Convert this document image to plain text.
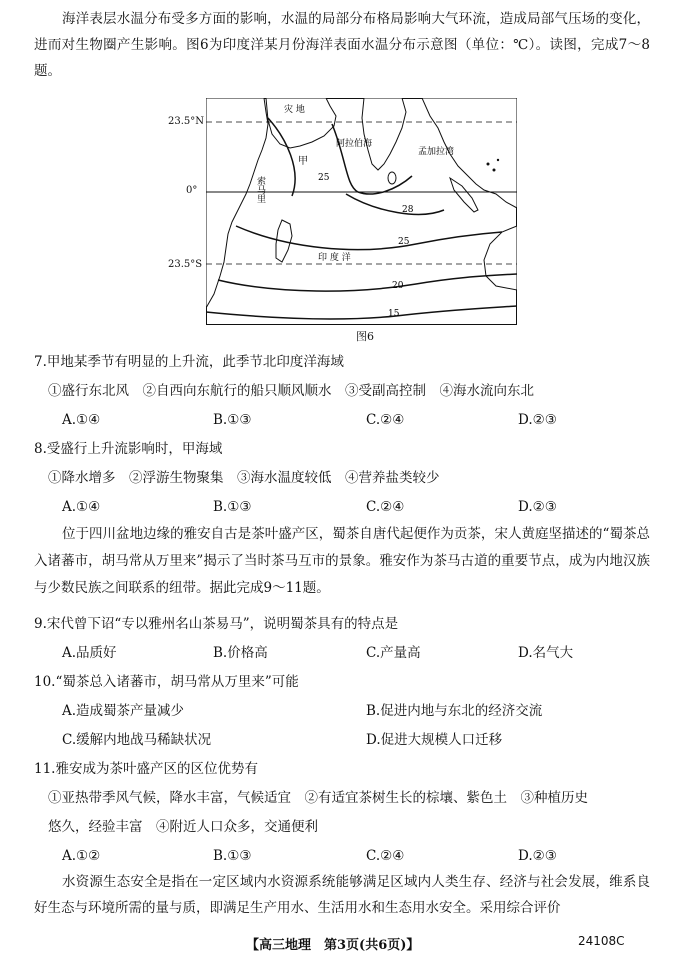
海洋表层水温分布受多方面的影响，水温的局部分布格局影响大气环流，造成局部气压场的变化，进而对生物圈产生影响。图6为印度洋某月份海洋表面水温分布示意图（单位：℃）。读图，完成7～8题。
23.5°N
0°
23.5°S
灾 地
阿拉伯海
孟加拉湾
甲
索马里	25
28
25
印 度 洋
20
15
图6
7.甲地某季节有明显的上升流，此季节北印度洋海域
①盛行东北风　②自西向东航行的船只顺风顺水　③受副高控制　④海水流向东北
A.①④	B.①③	C.②④	D.②③
8.受盛行上升流影响时，甲海域
①降水增多　②浮游生物聚集　③海水温度较低　④营养盐类较少
A.①④	B.①③	C.②④	D.②③
位于四川盆地边缘的雅安自古是茶叶盛产区，蜀茶自唐代起便作为贡茶，宋人黄庭坚描述的“蜀茶总入诸蕃市，胡马常从万里来”揭示了当时茶马互市的景象。雅安作为茶马古道的重要节点，成为内地汉族与少数民族之间联系的纽带。据此完成9～11题。
9.宋代曾下诏“专以雅州名山茶易马”，说明蜀茶具有的特点是
A.品质好	B.价格高	C.产量高	D.名气大
10.“蜀茶总入诸蕃市，胡马常从万里来”可能
A.造成蜀茶产量减少	B.促进内地与东北的经济交流
C.缓解内地战马稀缺状况	D.促进大规模人口迁移
11.雅安成为茶叶盛产区的区位优势有
①亚热带季风气候，降水丰富，气候适宜　②有适宜茶树生长的棕壤、紫色土　③种植历史
悠久，经验丰富　④附近人口众多，交通便利
A.①②	B.①③	C.②④	D.②③
水资源生态安全是指在一定区域内水资源系统能够满足区域内人类生存、经济与社会发展，维系良好生态与环境所需的量与质，即满足生产用水、生活用水和生态用水安全。采用综合评价
【高三地理　第3页(共6页)】	24108C
